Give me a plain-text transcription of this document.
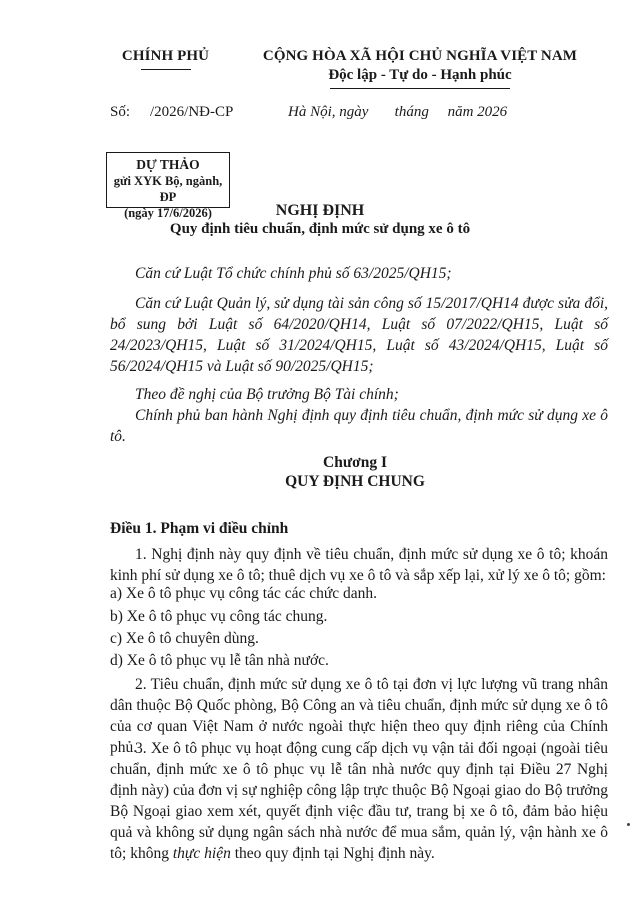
CHÍNH PHỦ	CỘNG HÒA XÃ HỘI CHỦ NGHĨA VIỆT NAM
Độc lập - Tự do - Hạnh phúc
Số: /2026/NĐ-CP	Hà Nội, ngày       tháng     năm 2026
DỰ THẢO
gửi XYK Bộ, ngành, ĐP
(ngày 17/6/2026)	NGHỊ ĐỊNH
Quy định tiêu chuẩn, định mức sử dụng xe ô tô
Căn cứ Luật Tổ chức chính phủ số 63/2025/QH15;
Căn cứ Luật Quản lý, sử dụng tài sản công số 15/2017/QH14 được sửa đổi, bổ sung bởi Luật số 64/2020/QH14, Luật số 07/2022/QH15, Luật số 24/2023/QH15, Luật số 31/2024/QH15, Luật số 43/2024/QH15, Luật số 56/2024/QH15 và Luật số 90/2025/QH15;
Theo đề nghị của Bộ trưởng Bộ Tài chính;
Chính phủ ban hành Nghị định quy định tiêu chuẩn, định mức sử dụng xe ô tô.
Chương I
QUY ĐỊNH CHUNG
Điều 1. Phạm vi điều chỉnh
1. Nghị định này quy định về tiêu chuẩn, định mức sử dụng xe ô tô; khoán kinh phí sử dụng xe ô tô; thuê dịch vụ xe ô tô và sắp xếp lại, xử lý xe ô tô; gồm:
a) Xe ô tô phục vụ công tác các chức danh.
b) Xe ô tô phục vụ công tác chung.
c) Xe ô tô chuyên dùng.
d) Xe ô tô phục vụ lễ tân nhà nước.
2. Tiêu chuẩn, định mức sử dụng xe ô tô tại đơn vị lực lượng vũ trang nhân dân thuộc Bộ Quốc phòng, Bộ Công an và tiêu chuẩn, định mức sử dụng xe ô tô của cơ quan Việt Nam ở nước ngoài thực hiện theo quy định riêng của Chính phủ.
3. Xe ô tô phục vụ hoạt động cung cấp dịch vụ vận tải đối ngoại (ngoài tiêu chuẩn, định mức xe ô tô phục vụ lễ tân nhà nước quy định tại Điều 27 Nghị định này) của đơn vị sự nghiệp công lập trực thuộc Bộ Ngoại giao do Bộ trưởng Bộ Ngoại giao xem xét, quyết định việc đầu tư, trang bị xe ô tô, đảm bảo hiệu quả và không sử dụng ngân sách nhà nước để mua sắm, quản lý, vận hành xe ô tô; không thực hiện theo quy định tại Nghị định này.
